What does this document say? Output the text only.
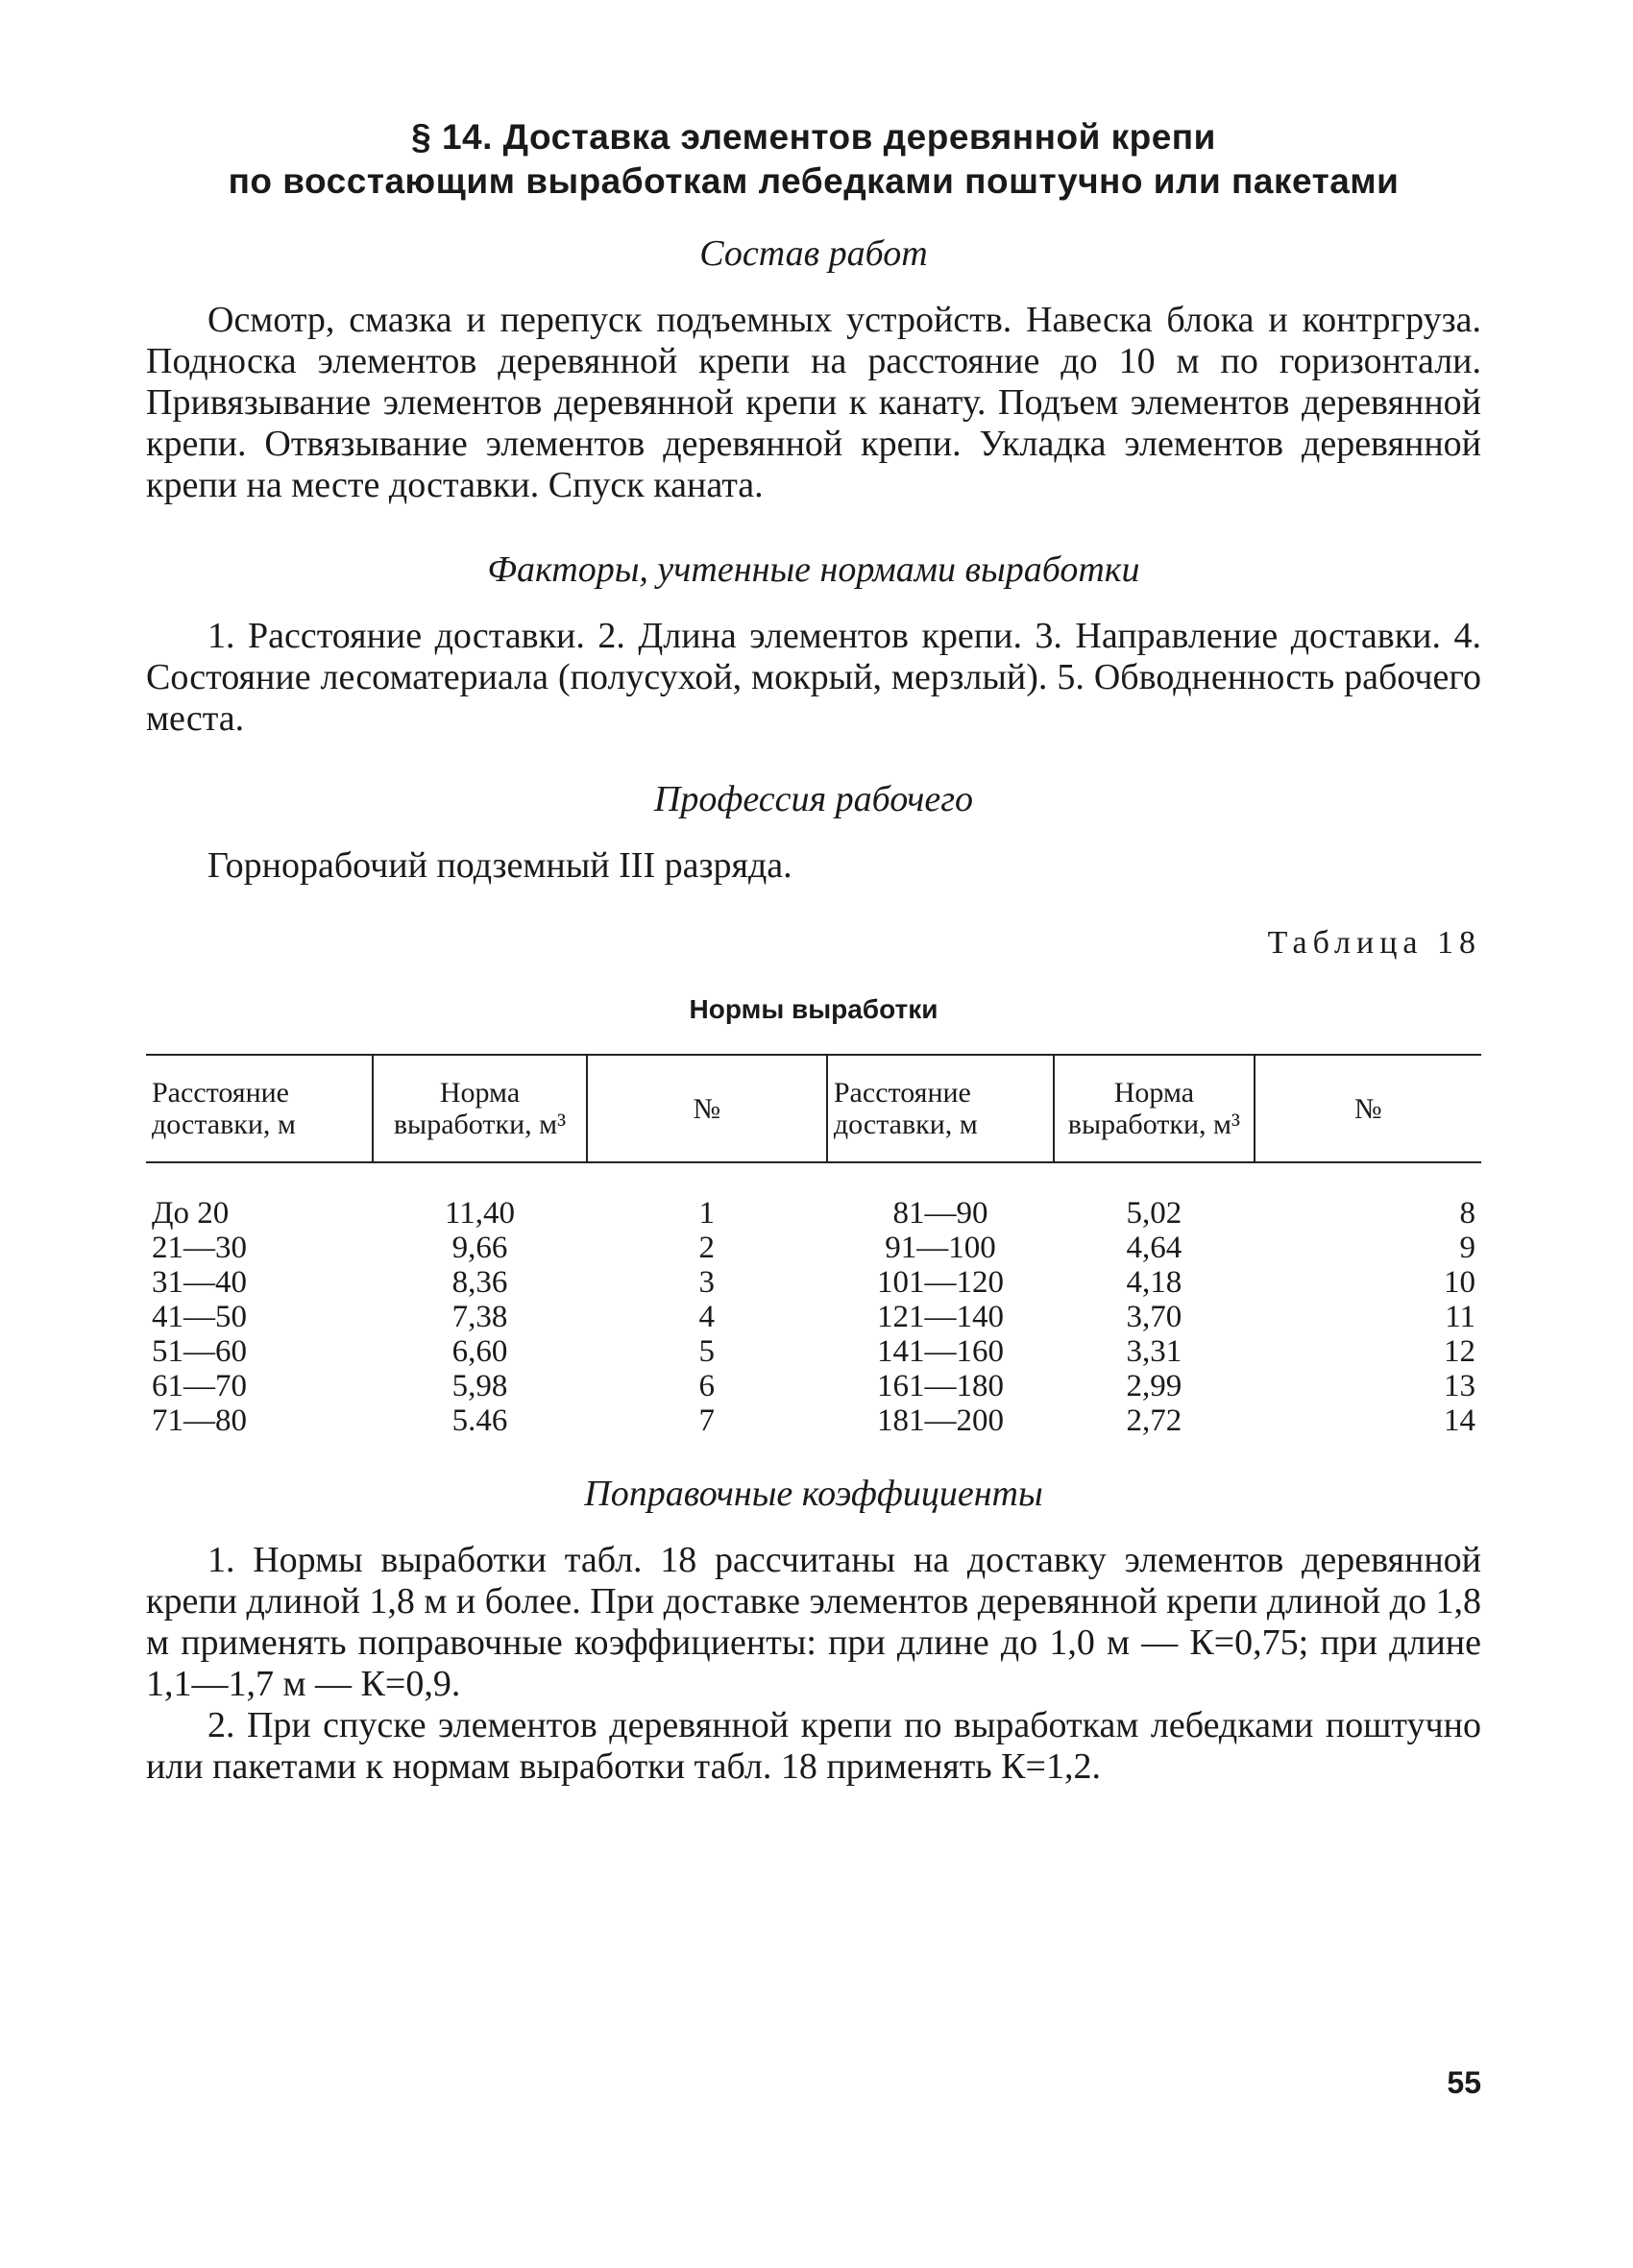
§ 14. Доставка элементов деревянной крепи
по восстающим выработкам лебедками поштучно или пакетами
Состав работ

Осмотр, смазка и перепуск подъемных устройств. Навеска блока и контргруза. Подноска элементов деревянной крепи на расстояние до 10 м по горизонтали. Привязывание элементов деревянной крепи к канату. Подъем элементов деревянной крепи. Отвязывание элементов деревянной крепи. Укладка элементов деревянной крепи на месте доставки. Спуск каната.

Факторы, учтенные нормами выработки

1. Расстояние доставки. 2. Длина элементов крепи. 3. Направление доставки. 4. Состояние лесоматериала (полусухой, мокрый, мерзлый). 5. Обводненность рабочего места.

Профессия рабочего

Горнорабочий подземный III разряда.

Таблица 18
Нормы выработки
Расстояние доставки, м	Норма выработки, м³	№	Расстояние доставки, м	Норма выработки, м³	№
До 20	11,40	1	81—90	5,02	8
21—30	9,66	2	91—100	4,64	9
31—40	8,36	3	101—120	4,18	10
41—50	7,38	4	121—140	3,70	11
51—60	6,60	5	141—160	3,31	12
61—70	5,98	6	161—180	2,99	13
71—80	5.46	7	181—200	2,72	14
Поправочные коэффициенты

1. Нормы выработки табл. 18 рассчитаны на доставку элементов деревянной крепи длиной 1,8 м и более. При доставке элементов деревянной крепи длиной до 1,8 м применять поправочные коэффициенты: при длине до 1,0 м — К=0,75; при длине 1,1—1,7 м — К=0,9.

2. При спуске элементов деревянной крепи по выработкам лебедками поштучно или пакетами к нормам выработки табл. 18 применять К=1,2.

55
